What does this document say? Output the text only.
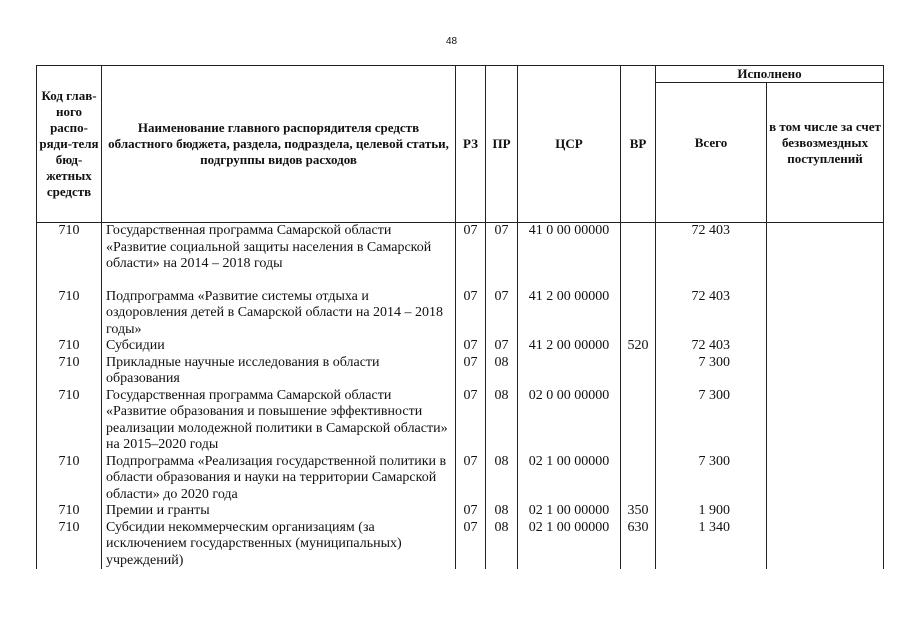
48
Код глав-ного распо-ряди-теля бюд-жетных средств	Наименование главного распорядителя средств областного бюджета, раздела, подраздела, целевой статьи, подгруппы видов расходов	РЗ	ПР	ЦСР	ВР	Исполнено	
						Всего	в том числе за счет безвозмездных поступлений
710	Государственная программа Самарской области «Развитие социальной защиты населения в Самарской области» на 2014 – 2018 годы	07	07	41 0 00 00000		72 403	

710	Подпрограмма «Развитие системы отдыха и оздоровления детей в Самарской области на 2014 – 2018 годы»	07	07	41 2 00 00000		72 403	
710	Субсидии	07	07	41 2 00 00000	520	72 403	
710	Прикладные научные исследования в области образования	07	08			7 300	
710	Государственная программа Самарской области «Развитие образования и повышение эффективности реализации молодежной политики в Самарской области» на 2015–2020 годы	07	08	02 0 00 00000		7 300	
710	Подпрограмма «Реализация государственной политики в области образования и науки на территории Самарской области» до 2020 года	07	08	02 1 00 00000		7 300	
710	Премии и гранты	07	08	02 1 00 00000	350	1 900	
710	Субсидии некоммерческим организациям (за исключением государственных (муниципальных) учреждений)	07	08	02 1 00 00000	630	1 340	
